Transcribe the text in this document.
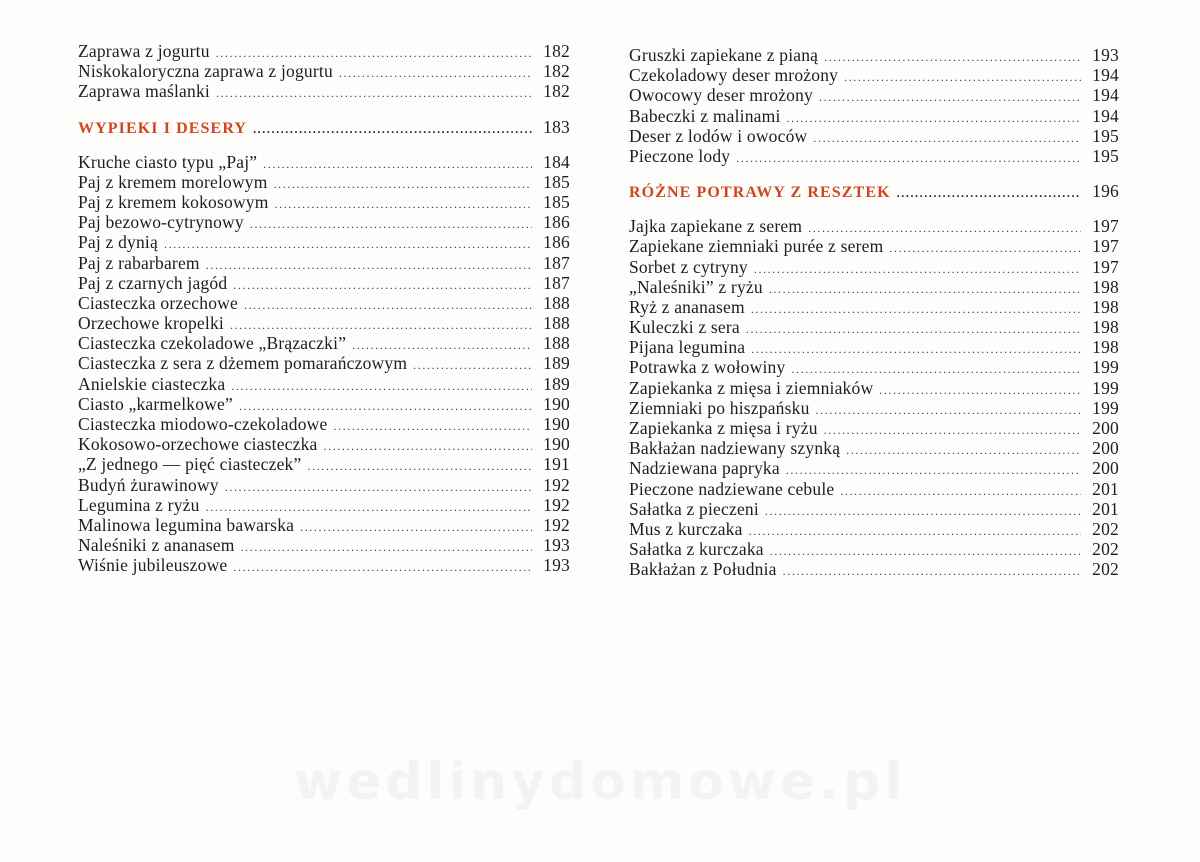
Zaprawa z jogurtu .....	182
Niskokaloryczna zaprawa z jogurtu .....	182
Zaprawa maślanki .....	182
WYPIEKI I DESERY .....	183
Kruche ciasto typu „Paj” .....	184
Paj z kremem morelowym .....	185
Paj z kremem kokosowym .....	185
Paj bezowo-cytrynowy .....	186
Paj z dynią .....	186
Paj z rabarbarem .....	187
Paj z czarnych jagód .....	187
Ciasteczka orzechowe .....	188
Orzechowe kropelki .....	188
Ciasteczka czekoladowe „Brązaczki” .....	188
Ciasteczka z sera z dżemem pomarańczowym .....	189
Anielskie ciasteczka .....	189
Ciasto „karmelkowe” .....	190
Ciasteczka miodowo-czekoladowe .....	190
Kokosowo-orzechowe ciasteczka .....	190
„Z jednego — pięć ciasteczek” .....	191
Budyń żurawinowy .....	192
Legumina z ryżu .....	192
Malinowa legumina bawarska .....	192
Naleśniki z ananasem .....	193
Wiśnie jubileuszowe .....	193
Gruszki zapiekane z pianą .....	193
Czekoladowy deser mrożony .....	194
Owocowy deser mrożony .....	194
Babeczki z malinami .....	194
Deser z lodów i owoców .....	195
Pieczone lody .....	195
RÓŻNE POTRAWY Z RESZTEK .....	196
Jajka zapiekane z serem .....	197
Zapiekane ziemniaki purée z serem .....	197
Sorbet z cytryny .....	197
„Naleśniki” z ryżu .....	198
Ryż z ananasem .....	198
Kuleczki z sera .....	198
Pijana legumina .....	198
Potrawka z wołowiny .....	199
Zapiekanka z mięsa i ziemniaków .....	199
Ziemniaki po hiszpańsku .....	199
Zapiekanka z mięsa i ryżu .....	200
Bakłażan nadziewany szynką .....	200
Nadziewana papryka .....	200
Pieczone nadziewane cebule .....	201
Sałatka z pieczeni .....	201
Mus z kurczaka .....	202
Sałatka z kurczaka .....	202
Bakłażan z Południa .....	202
wedlinydomowe.pl
